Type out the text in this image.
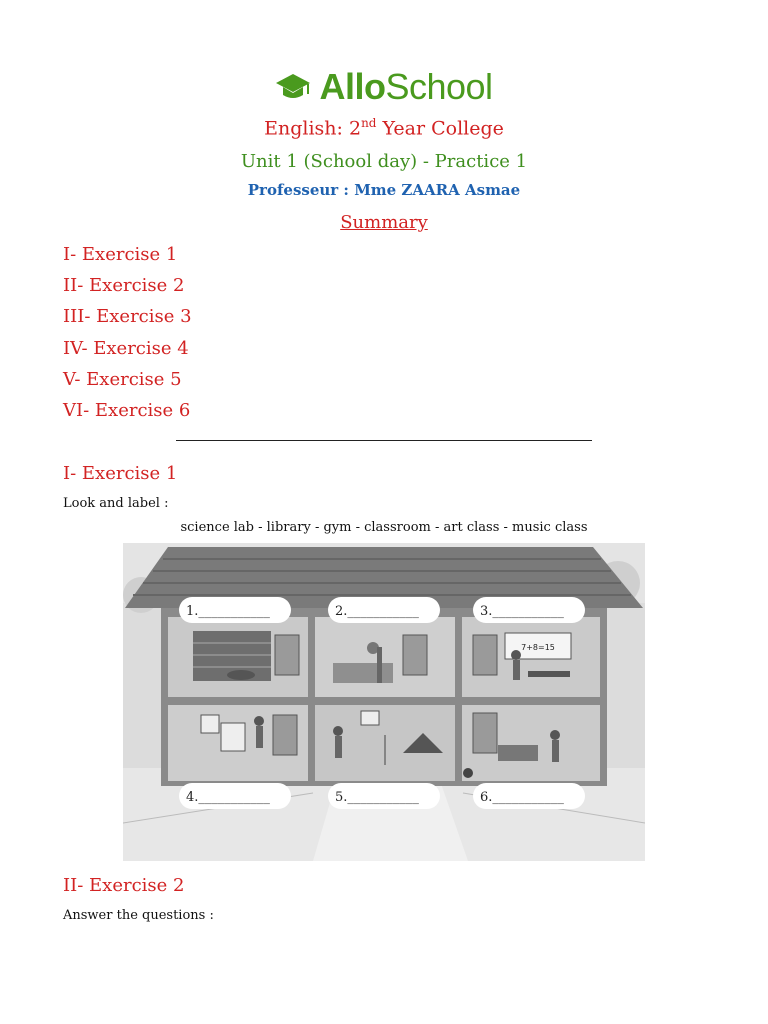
AlloSchool
English: 2nd Year College
Unit 1 (School day) - Practice 1
Professeur : Mme ZAARA Asmae
Summary
I- Exercise 1
II- Exercise 2
III- Exercise 3
IV- Exercise 4
V- Exercise 5
VI- Exercise 6
I- Exercise 1
Look and label :
science lab - library - gym - classroom - art class - music class
7+8=15
1.___________	2.___________	3.___________
4.___________	5.___________	6.___________
II- Exercise 2
Answer the questions :
